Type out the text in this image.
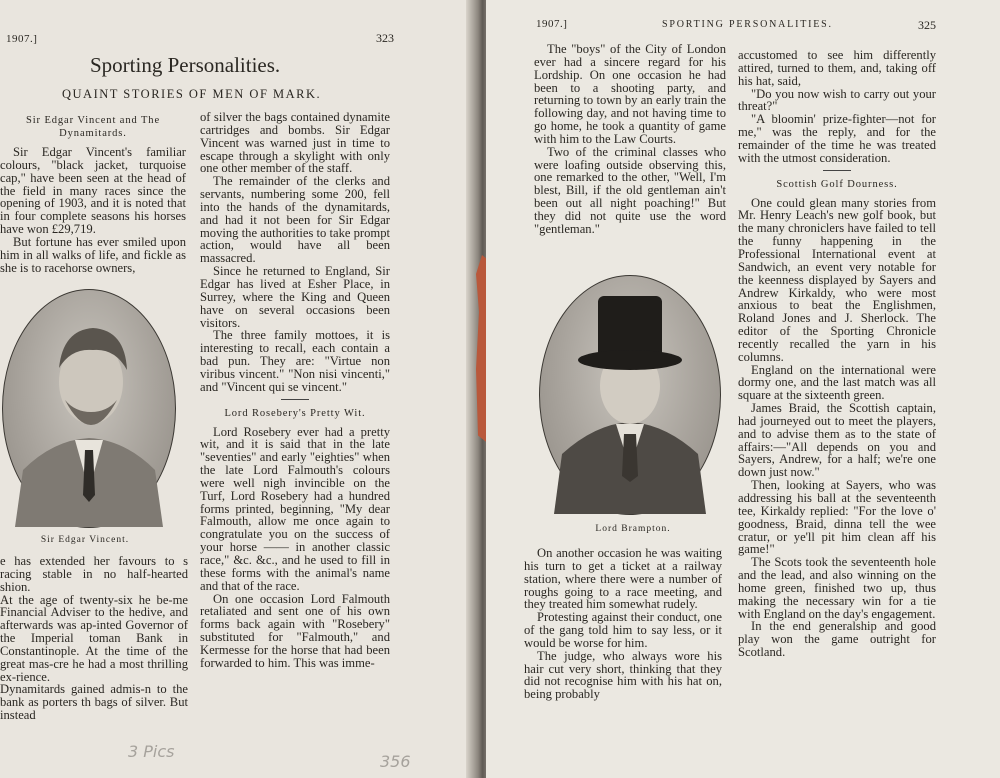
1907.]	323
Sporting Personalities.
QUAINT STORIES OF MEN OF MARK.
Sir Edgar Vincent and The Dynamitards.

Sir Edgar Vincent's familiar colours, "black jacket, turquoise cap," have been seen at the head of the field in many races since the opening of 1903, and it is noted that in four complete seasons his horses have won £29,719.

But fortune has ever smiled upon him in all walks of life, and fickle as she is to racehorse owners,

Sir Edgar Vincent.

e has extended her favours to s racing stable in no half-hearted shion.

At the age of twenty-six he be-me Financial Adviser to the hedive, and afterwards was ap-inted Governor of the Imperial toman Bank in Constantinople. At the time of the great mas-cre he had a most thrilling ex-rience.

Dynamitards gained admis-n to the bank as porters th bags of silver. But instead

of silver the bags contained dynamite cartridges and bombs. Sir Edgar Vincent was warned just in time to escape through a skylight with only one other member of the staff.

The remainder of the clerks and servants, numbering some 200, fell into the hands of the dynamitards, and had it not been for Sir Edgar moving the authorities to take prompt action, would have all been massacred.

Since he returned to England, Sir Edgar has lived at Esher Place, in Surrey, where the King and Queen have on several occasions been visitors.

The three family mottoes, it is interesting to recall, each contain a bad pun. They are: "Virtue non viribus vincent." "Non nisi vincenti," and "Vincent qui se vincent."

Lord Rosebery's Pretty Wit.

Lord Rosebery ever had a pretty wit, and it is said that in the late "seventies" and early "eighties" when the late Lord Falmouth's colours were well nigh invincible on the Turf, Lord Rosebery had a hundred forms printed, beginning, "My dear Falmouth, allow me once again to congratulate you on the success of your horse —— in another classic race," &c. &c., and he used to fill in these forms with the animal's name and that of the race.

On one occasion Lord Falmouth retaliated and sent one of his own forms back again with "Rosebery" substituted for "Falmouth," and Kermesse for the horse that had been forwarded to him. This was imme-

3 Pics
1907.]	SPORTING PERSONALITIES.	325

The "boys" of the City of London ever had a sincere regard for his Lordship. On one occasion he had been to a shooting party, and returning to town by an early train the following day, and not having time to go home, he took a quantity of game with him to the Law Courts.

Two of the criminal classes who were loafing outside observing this, one remarked to the other, "Well, I'm blest, Bill, if the old gentleman ain't been out all night poaching!" But they did not quite use the word "gentleman."

Lord Brampton.

On another occasion he was waiting his turn to get a ticket at a railway station, where there were a number of roughs going to a race meeting, and they treated him somewhat rudely.

Protesting against their conduct, one of the gang told him to say less, or it would be worse for him.

The judge, who always wore his hair cut very short, thinking that they did not recognise him with his hat on, being probably

accustomed to see him differently attired, turned to them, and, taking off his hat, said,

"Do you now wish to carry out your threat?"

"A bloomin' prize-fighter—not for me," was the reply, and for the remainder of the time he was treated with the utmost consideration.

Scottish Golf Dourness.

One could glean many stories from Mr. Henry Leach's new golf book, but the many chroniclers have failed to tell the funny happening in the Professional International event at Sandwich, an event very notable for the keenness displayed by Sayers and Andrew Kirkaldy, who were most anxious to beat the Englishmen, Roland Jones and J. Sherlock. The editor of the Sporting Chronicle recently recalled the yarn in his columns.

England on the international were dormy one, and the last match was all square at the sixteenth green.

James Braid, the Scottish captain, had journeyed out to meet the players, and to advise them as to the state of affairs:—"All depends on you and Sayers, Andrew, for a half; we're one down just now."

Then, looking at Sayers, who was addressing his ball at the seventeenth tee, Kirkaldy replied: "For the love o' goodness, Braid, dinna tell the wee cratur, or ye'll pit him clean aff his game!"

The Scots took the seventeenth hole and the lead, and also winning on the home green, finished two up, thus making the necessary win for a tie with England on the day's engagement.

In the end generalship and good play won the game outright for Scotland.

356
